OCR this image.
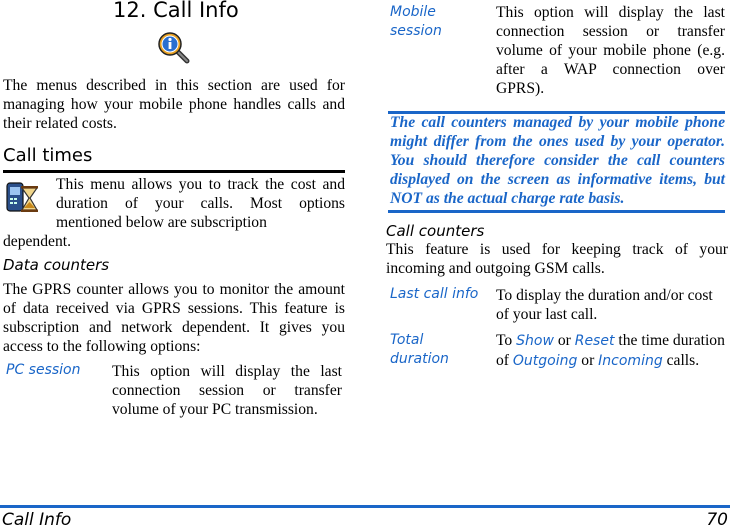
12. Call Info
The menus described in this section are used for managing how your mobile phone handles calls and their related costs.
Call times
This menu allows you to track the cost and duration of your calls. Most options mentioned below are subscription
dependent.
Data counters
The GPRS counter allows you to monitor the amount of data received via GPRS sessions. This feature is subscription and network dependent. It gives you access to the following options:
PC session This option will display the last connection session or transfer volume of your PC transmission.
Mobile session
This option will display the last connection session or transfer volume of your mobile phone (e.g. after a WAP connection over GPRS).
The call counters managed by your mobile phone might differ from the ones used by your operator. You should therefore consider the call counters displayed on the screen as informative items, but NOT as the actual charge rate basis.
Call counters
This feature is used for keeping track of your incoming and outgoing GSM calls.
Last call info To display the duration and/or cost of your last call.
Total duration
To Show or Reset the time duration of Outgoing or Incoming calls.
Call Info	70
